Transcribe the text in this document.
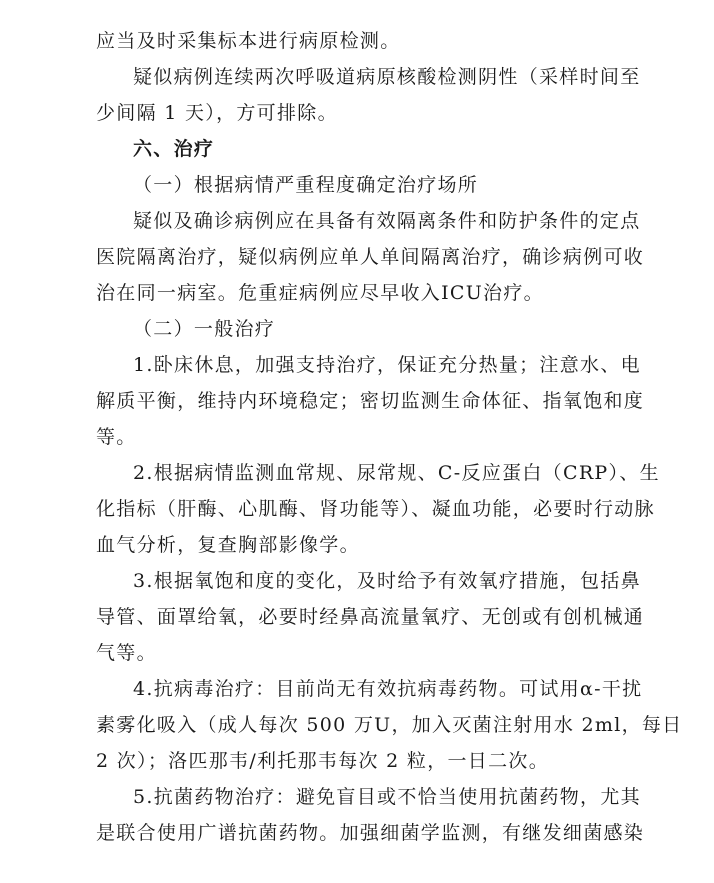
应当及时采集标本进行病原检测。
疑似病例连续两次呼吸道病原核酸检测阴性（采样时间至
少间隔 1 天），方可排除。
六、治疗
（一）根据病情严重程度确定治疗场所
疑似及确诊病例应在具备有效隔离条件和防护条件的定点
医院隔离治疗，疑似病例应单人单间隔离治疗，确诊病例可收
治在同一病室。危重症病例应尽早收入ICU治疗。
（二）一般治疗
1.卧床休息，加强支持治疗，保证充分热量；注意水、电
解质平衡，维持内环境稳定；密切监测生命体征、指氧饱和度
等。
2.根据病情监测血常规、尿常规、C-反应蛋白（CRP）、生
化指标（肝酶、心肌酶、肾功能等）、凝血功能，必要时行动脉
血气分析，复查胸部影像学。
3.根据氧饱和度的变化，及时给予有效氧疗措施，包括鼻
导管、面罩给氧，必要时经鼻高流量氧疗、无创或有创机械通
气等。
4.抗病毒治疗：目前尚无有效抗病毒药物。可试用α-干扰
素雾化吸入（成人每次 500 万U，加入灭菌注射用水 2ml，每日
2 次）；洛匹那韦/利托那韦每次 2 粒，一日二次。
5.抗菌药物治疗：避免盲目或不恰当使用抗菌药物，尤其
是联合使用广谱抗菌药物。加强细菌学监测，有继发细菌感染
